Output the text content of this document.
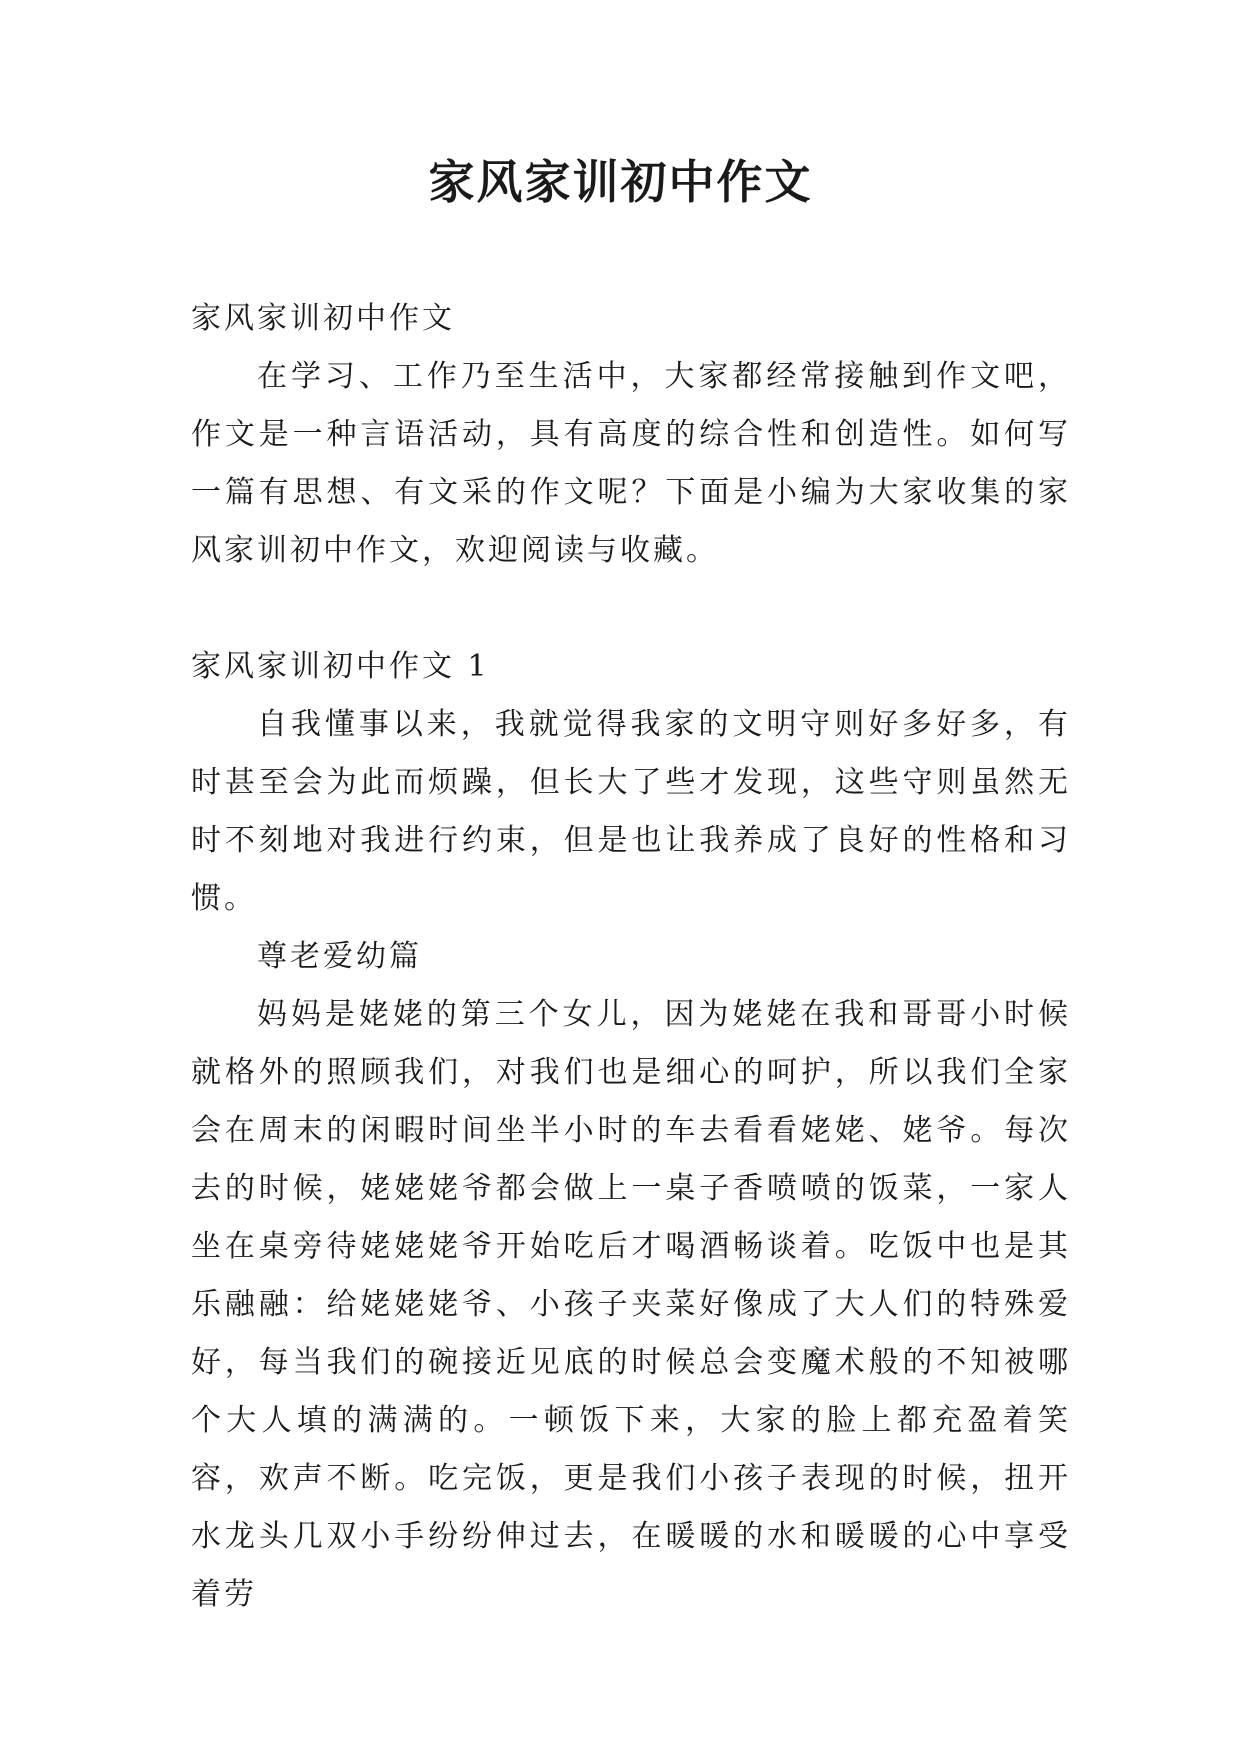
家风家训初中作文

家风家训初中作文

在学习、工作乃至生活中，大家都经常接触到作文吧，作文是一种言语活动，具有高度的综合性和创造性。如何写一篇有思想、有文采的作文呢？下面是小编为大家收集的家风家训初中作文，欢迎阅读与收藏。

家风家训初中作文 1

自我懂事以来，我就觉得我家的文明守则好多好多，有时甚至会为此而烦躁，但长大了些才发现，这些守则虽然无时不刻地对我进行约束，但是也让我养成了良好的性格和习惯。

尊老爱幼篇

妈妈是姥姥的第三个女儿，因为姥姥在我和哥哥小时候就格外的照顾我们，对我们也是细心的呵护，所以我们全家会在周末的闲暇时间坐半小时的车去看看姥姥、姥爷。每次去的时候，姥姥姥爷都会做上一桌子香喷喷的饭菜，一家人坐在桌旁待姥姥姥爷开始吃后才喝酒畅谈着。吃饭中也是其乐融融：给姥姥姥爷、小孩子夹菜好像成了大人们的特殊爱好，每当我们的碗接近见底的时候总会变魔术般的不知被哪个大人填的满满的。一顿饭下来，大家的脸上都充盈着笑容，欢声不断。吃完饭，更是我们小孩子表现的时候，扭开水龙头几双小手纷纷伸过去，在暖暖的水和暖暖的心中享受着劳
